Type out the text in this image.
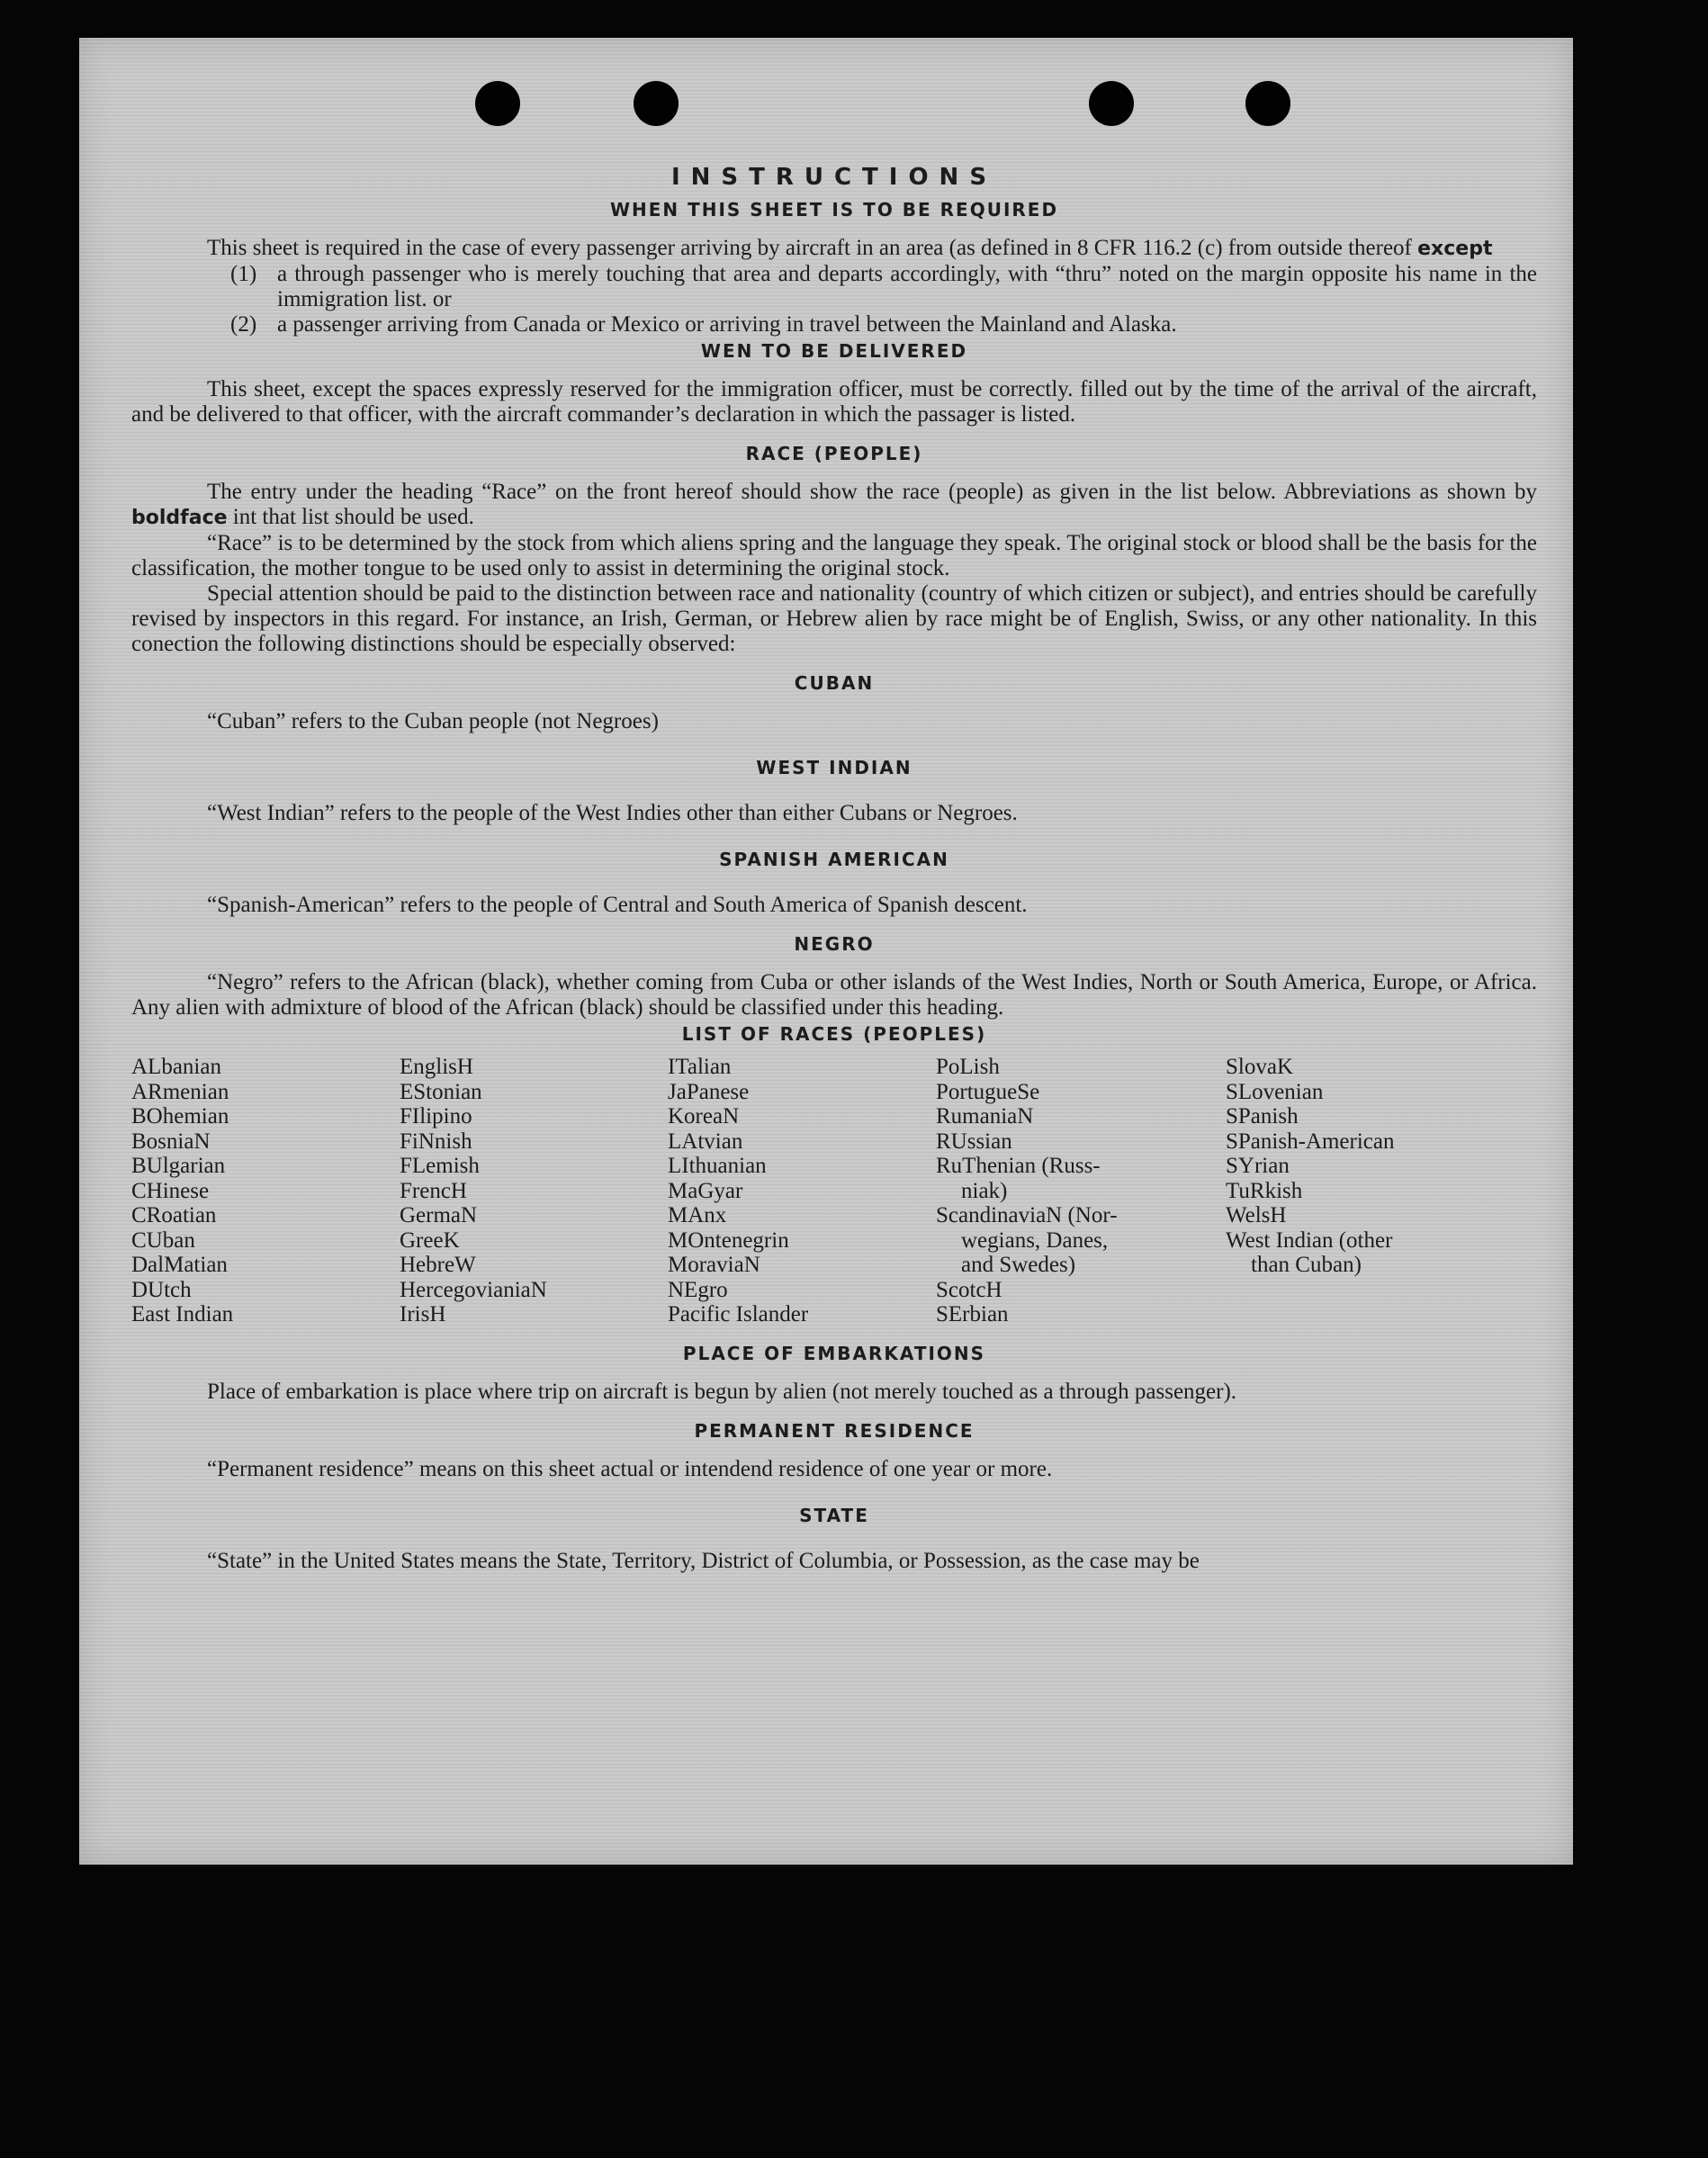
INSTRUCTIONS
WHEN THIS SHEET IS TO BE REQUIRED

This sheet is required in the case of every passenger arriving by aircraft in an area (as defined in 8 CFR 116.2 (c) from outside thereof except

(1) a through passenger who is merely touching that area and departs accordingly, with “thru” noted on the margin opposite his name in the immigration list. or
(2) a passenger arriving from Canada or Mexico or arriving in travel between the Mainland and Alaska.
WEN TO BE DELIVERED

This sheet, except the spaces expressly reserved for the immigration officer, must be correctly. filled out by the time of the arrival of the aircraft, and be delivered to that officer, with the aircraft commander’s declaration in which the passager is listed.

RACE (PEOPLE)

The entry under the heading “Race” on the front hereof should show the race (people) as given in the list below. Abbreviations as shown by boldface int that list should be used.

“Race” is to be determined by the stock from which aliens spring and the language they speak. The original stock or blood shall be the basis for the classification, the mother tongue to be used only to assist in determining the original stock.

Special attention should be paid to the distinction between race and nationality (country of which citizen or subject), and entries should be carefully revised by inspectors in this regard. For instance, an Irish, German, or Hebrew alien by race might be of English, Swiss, or any other nationality. In this conection the following distinctions should be especially observed:

CUBAN

“Cuban” refers to the Cuban people (not Negroes)

WEST INDIAN

“West Indian” refers to the people of the West Indies other than either Cubans or Negroes.

SPANISH AMERICAN

“Spanish-American” refers to the people of Central and South America of Spanish descent.

NEGRO

“Negro” refers to the African (black), whether coming from Cuba or other islands of the West Indies, North or South America, Europe, or Africa. Any alien with admixture of blood of the African (black) should be classified under this heading.

LIST OF RACES (PEOPLES)
ALbanian
ARmenian
BOhemian
BosniaN
BUlgarian
CHinese
CRoatian
CUban
DalMatian
DUtch
East Indian
EnglisH
EStonian
FIlipino
FiNnish
FLemish
FrencH
GermaN
GreeK
HebreW
HercegovianiaN
IrisH
ITalian
JaPanese
KoreaN
LAtvian
LIthuanian
MaGyar
MAnx
MOntenegrin
MoraviaN
NEgro
Pacific Islander
PoLish
PortugueSe
RumaniaN
RUssian
RuThenian (Russ-
niak)
ScandinaviaN (Nor-
wegians, Danes,
and Swedes)
ScotcH
SErbian
SlovaK
SLovenian
SPanish
SPanish-American
SYrian
TuRkish
WelsH
West Indian (other
than Cuban)
PLACE OF EMBARKATIONS

Place of embarkation is place where trip on aircraft is begun by alien (not merely touched as a through passenger).

PERMANENT RESIDENCE

“Permanent residence” means on this sheet actual or intendend residence of one year or more.

STATE

“State” in the United States means the State, Territory, District of Columbia, or Possession, as the case may be
